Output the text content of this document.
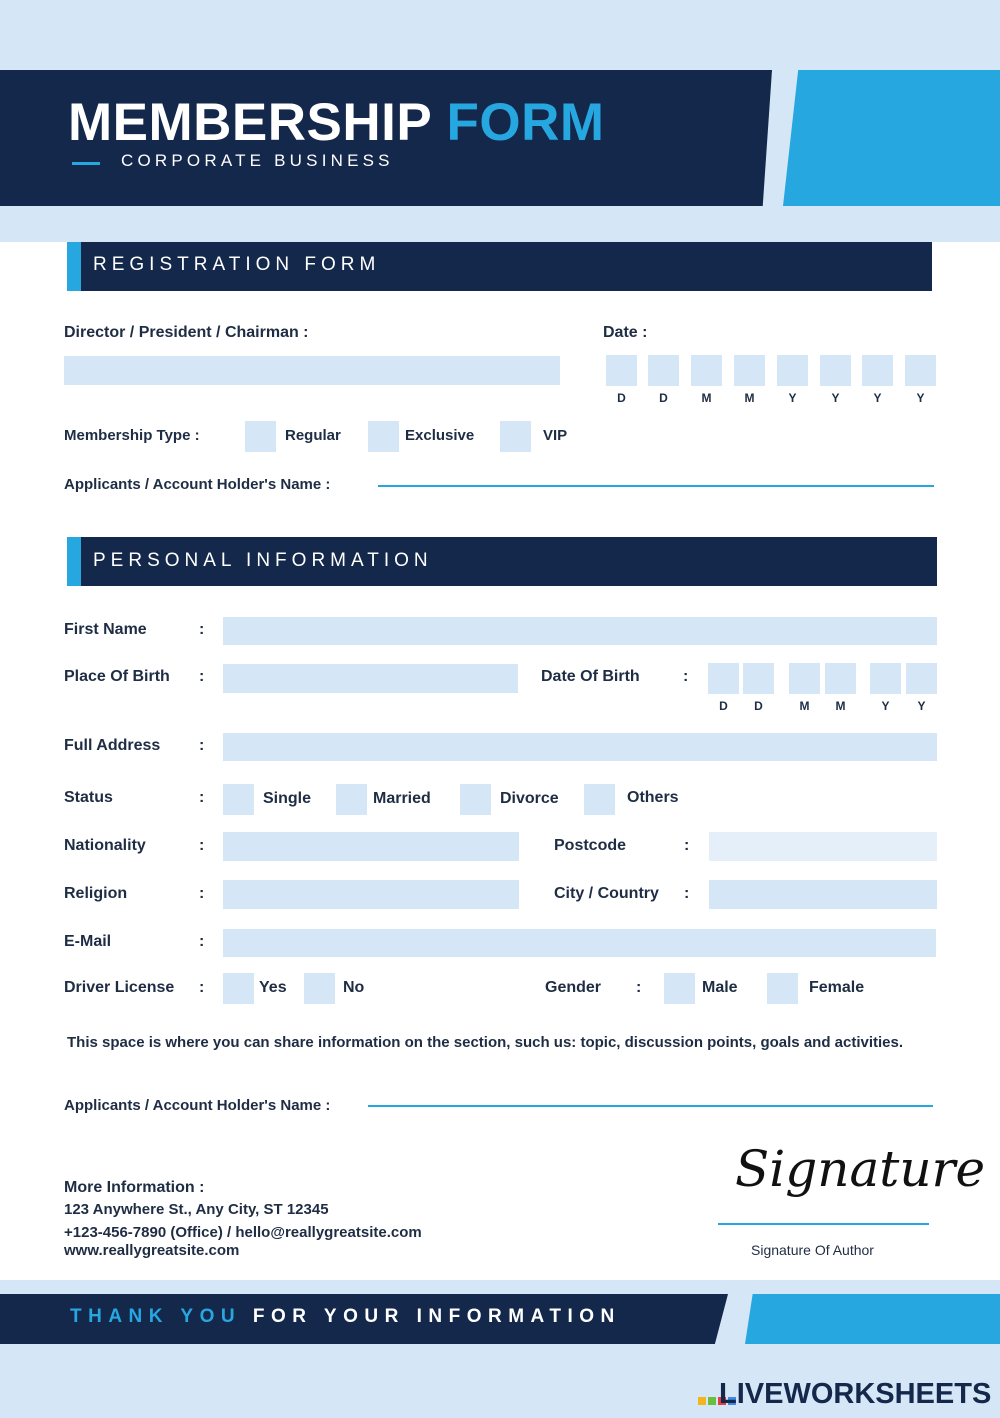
MEMBERSHIP FORM
CORPORATE BUSINESS
REGISTRATION FORM
Director / President / Chairman :	Date :
D	D	M	M	Y	Y	Y	Y
Membership Type :	Regular	Exclusive	VIP
Applicants / Account Holder's Name :
PERSONAL INFORMATION
First Name	:
Place Of Birth :	Date Of Birth	:
D	D	M	M	Y	Y
Full Address :
Status	:	Single	Married	Divorce	Others
Nationality	:	Postcode	:
Religion	:	City / Country :
E-Mail	:
Driver License :	Yes	No	Gender :	Male	Female
This space is where you can share information on the section, such us: topic, discussion points, goals and activities.
Applicants / Account Holder's Name :
More Information :
123 Anywhere St., Any City, ST 12345
+123-456-7890 (Office) / hello@reallygreatsite.com
www.reallygreatsite.com
Signature
Signature Of Author
THANK YOU FOR YOUR INFORMATION
LIVEWORKSHEETS
